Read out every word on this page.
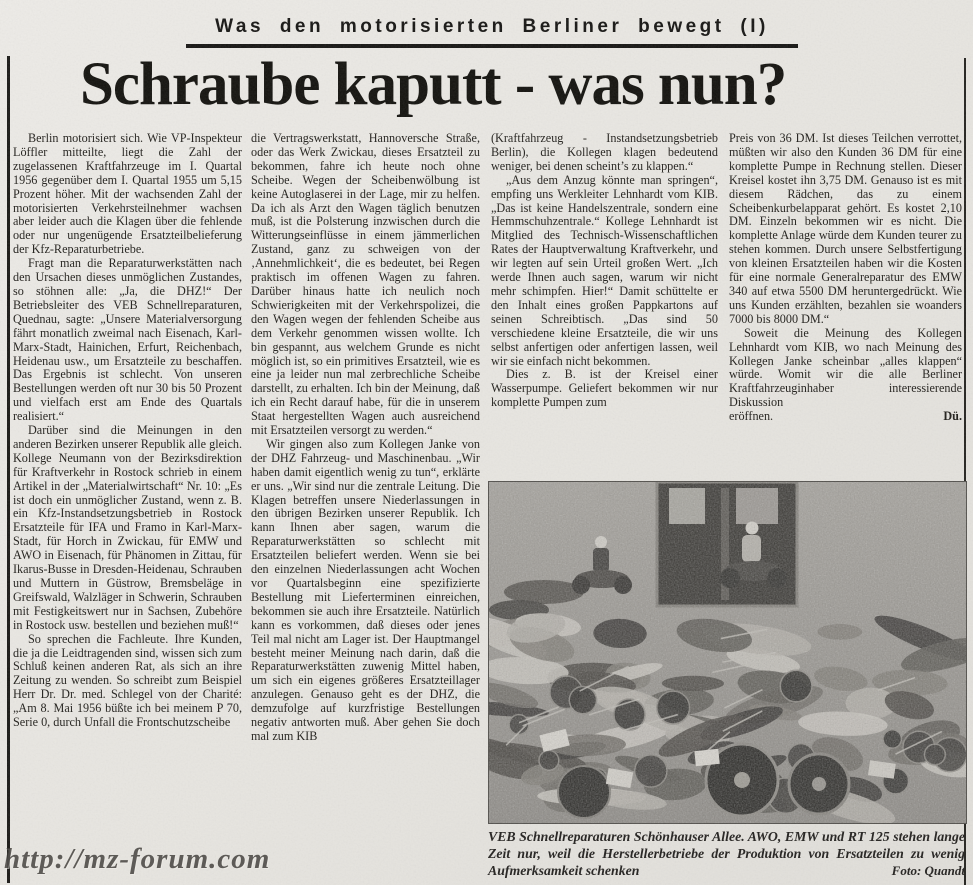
Was den motorisierten Berliner bewegt (I)
Schraube kaputt - was nun?

Berlin motorisiert sich. Wie VP-Inspekteur Löffler mitteilte, liegt die Zahl der zugelassenen Kraftfahrzeuge im I. Quartal 1956 gegenüber dem I. Quartal 1955 um 5,15 Prozent höher. Mit der wachsenden Zahl der motorisierten Verkehrsteilnehmer wachsen aber leider auch die Klagen über die fehlende oder nur ungenügende Ersatzteilbelieferung der Kfz-Reparaturbetriebe.

Fragt man die Reparaturwerkstätten nach den Ursachen dieses unmöglichen Zustandes, so stöhnen alle: „Ja, die DHZ!“ Der Betriebsleiter des VEB Schnellreparaturen, Quednau, sagte: „Unsere Materialversorgung fährt monatlich zweimal nach Eisenach, Karl-Marx-Stadt, Hainichen, Erfurt, Reichenbach, Heidenau usw., um Ersatzteile zu beschaffen. Das Ergebnis ist schlecht. Von unseren Bestellungen werden oft nur 30 bis 50 Prozent und vielfach erst am Ende des Quartals realisiert.“

Darüber sind die Meinungen in den anderen Bezirken unserer Republik alle gleich. Kollege Neumann von der Bezirksdirektion für Kraftverkehr in Rostock schrieb in einem Artikel in der „Materialwirtschaft“ Nr. 10: „Es ist doch ein unmöglicher Zustand, wenn z. B. ein Kfz-Instandsetzungsbetrieb in Rostock Ersatzteile für IFA und Framo in Karl-Marx-Stadt, für Horch in Zwickau, für EMW und AWO in Eisenach, für Phänomen in Zittau, für Ikarus-Busse in Dresden-Heidenau, Schrauben und Muttern in Güstrow, Bremsbeläge in Greifswald, Walzläger in Schwerin, Schrauben mit Festigkeitswert nur in Sachsen, Zubehöre in Rostock usw. bestellen und beziehen muß!“

So sprechen die Fachleute. Ihre Kunden, die ja die Leidtragenden sind, wissen sich zum Schluß keinen anderen Rat, als sich an ihre Zeitung zu wenden. So schreibt zum Beispiel Herr Dr. Dr. med. Schlegel von der Charité: „Am 8. Mai 1956 büßte ich bei meinem P 70, Serie 0, durch Unfall die Frontschutzscheibe

die Vertragswerkstatt, Hannoversche Straße, oder das Werk Zwickau, dieses Ersatzteil zu bekommen, fahre ich heute noch ohne Scheibe. Wegen der Scheibenwölbung ist keine Autoglaserei in der Lage, mir zu helfen. Da ich als Arzt den Wagen täglich benutzen muß, ist die Polsterung inzwischen durch die Witterungseinflüsse in einem jämmerlichen Zustand, ganz zu schweigen von der ‚Annehmlichkeit‘, die es bedeutet, bei Regen praktisch im offenen Wagen zu fahren. Darüber hinaus hatte ich neulich noch Schwierigkeiten mit der Verkehrspolizei, die den Wagen wegen der fehlenden Scheibe aus dem Verkehr genommen wissen wollte. Ich bin gespannt, aus welchem Grunde es nicht möglich ist, so ein primitives Ersatzteil, wie es eine ja leider nun mal zerbrechliche Scheibe darstellt, zu erhalten. Ich bin der Meinung, daß ich ein Recht darauf habe, für die in unserem Staat hergestellten Wagen auch ausreichend mit Ersatzteilen versorgt zu werden.“

Wir gingen also zum Kollegen Janke von der DHZ Fahrzeug- und Maschinenbau. „Wir haben damit eigentlich wenig zu tun“, erklärte er uns. „Wir sind nur die zentrale Leitung. Die Klagen betreffen unsere Niederlassungen in den übrigen Bezirken unserer Republik. Ich kann Ihnen aber sagen, warum die Reparaturwerkstätten so schlecht mit Ersatzteilen beliefert werden. Wenn sie bei den einzelnen Niederlassungen acht Wochen vor Quartalsbeginn eine spezifizierte Bestellung mit Lieferterminen einreichen, bekommen sie auch ihre Ersatzteile. Natürlich kann es vorkommen, daß dieses oder jenes Teil mal nicht am Lager ist. Der Hauptmangel besteht meiner Meinung nach darin, daß die Reparaturwerkstätten zuwenig Mittel haben, um sich ein eigenes größeres Ersatzteillager anzulegen. Genauso geht es der DHZ, die demzufolge auf kurzfristige Bestellungen negativ antworten muß. Aber gehen Sie doch mal zum KIB

(Kraftfahrzeug - Instandsetzungsbetrieb Berlin), die Kollegen klagen bedeutend weniger, bei denen scheint’s zu klappen.“

„Aus dem Anzug könnte man springen“, empfing uns Werkleiter Lehnhardt vom KIB. „Das ist keine Handelszentrale, sondern eine Hemmschuhzentrale.“ Kollege Lehnhardt ist Mitglied des Technisch-Wissenschaftlichen Rates der Hauptverwaltung Kraftverkehr, und wir legten auf sein Urteil großen Wert. „Ich werde Ihnen auch sagen, warum wir nicht mehr schimpfen. Hier!“ Damit schüttelte er den Inhalt eines großen Pappkartons auf seinen Schreibtisch. „Das sind 50 verschiedene kleine Ersatzteile, die wir uns selbst anfertigen oder anfertigen lassen, weil wir sie einfach nicht bekommen.

Dies z. B. ist der Kreisel einer Wasserpumpe. Geliefert bekommen wir nur komplette Pumpen zum

Preis von 36 DM. Ist dieses Teilchen verrottet, müßten wir also den Kunden 36 DM für eine komplette Pumpe in Rechnung stellen. Dieser Kreisel kostet ihn 3,75 DM. Genauso ist es mit diesem Rädchen, das zu einem Scheibenkurbelapparat gehört. Es kostet 2,10 DM. Einzeln bekommen wir es nicht. Die komplette Anlage würde dem Kunden teurer zu stehen kommen. Durch unsere Selbstfertigung von kleinen Ersatzteilen haben wir die Kosten für eine normale Generalreparatur des EMW 340 auf etwa 5500 DM heruntergedrückt. Wie uns Kunden erzählten, bezahlen sie woanders 7000 bis 8000 DM.“

Soweit die Meinung des Kollegen Lehnhardt vom KIB, wo nach Meinung des Kollegen Janke scheinbar „alles klappen“ würde. Womit wir die alle Berliner Kraftfahrzeuginhaber interessierende Diskussion

eröffnen.	Dü.
VEB Schnellreparaturen Schönhauser Allee. AWO, EMW und RT 125 stehen lange Zeit nur, weil die Herstellerbetriebe der Produktion von Ersatzteilen zu wenig Aufmerksamkeit schenken	Foto: Quandt
http://mz-forum.com
